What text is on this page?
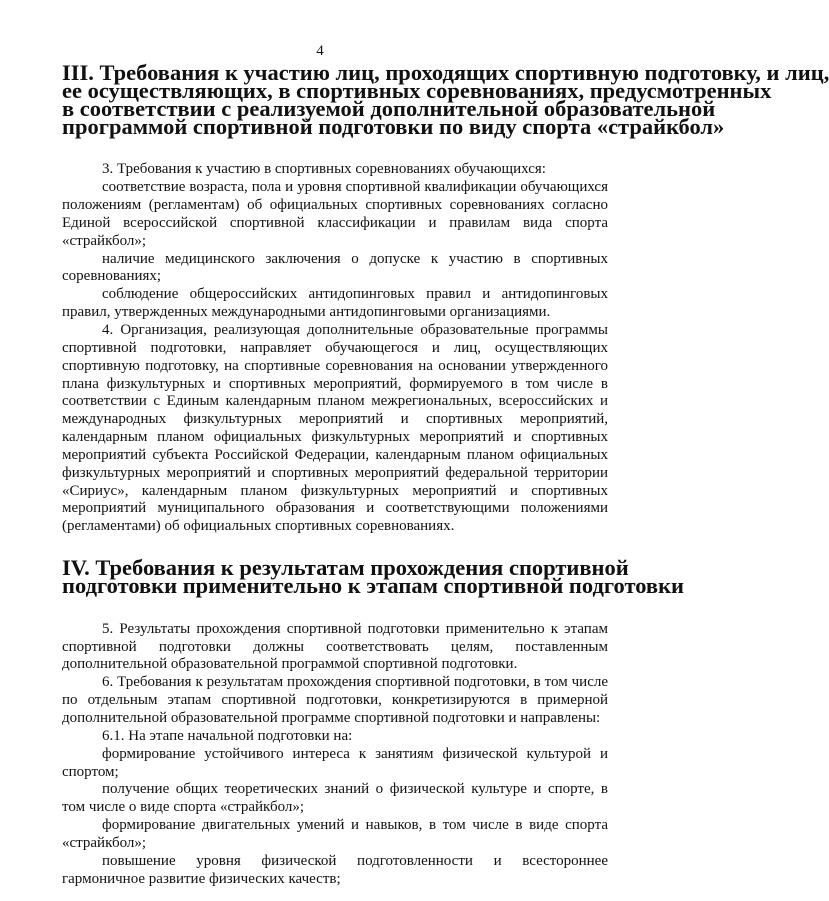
4
III. Требования к участию лиц, проходящих спортивную подготовку, и лиц,
ее осуществляющих, в спортивных соревнованиях, предусмотренных
в соответствии с реализуемой дополнительной образовательной
программой спортивной подготовки по виду спорта «страйкбол»

3. Требования к участию в спортивных соревнованиях обучающихся:

соответствие возраста, пола и уровня спортивной квалификации обучающихся положениям (регламентам) об официальных спортивных соревнованиях согласно Единой всероссийской спортивной классификации и правилам вида спорта «страйкбол»;

наличие медицинского заключения о допуске к участию в спортивных соревнованиях;

соблюдение общероссийских антидопинговых правил и антидопинговых правил, утвержденных международными антидопинговыми организациями.

4. Организация, реализующая дополнительные образовательные программы спортивной подготовки, направляет обучающегося и лиц, осуществляющих спортивную подготовку, на спортивные соревнования на основании утвержденного плана физкультурных и спортивных мероприятий, формируемого в том числе в соответствии с Единым календарным планом межрегиональных, всероссийских и международных физкультурных мероприятий и спортивных мероприятий, календарным планом официальных физкультурных мероприятий и спортивных мероприятий субъекта Российской Федерации, календарным планом официальных физкультурных мероприятий и спортивных мероприятий федеральной территории «Сириус», календарным планом физкультурных мероприятий и спортивных мероприятий муниципального образования и соответствующими положениями (регламентами) об официальных спортивных соревнованиях.

IV. Требования к результатам прохождения спортивной
подготовки применительно к этапам спортивной подготовки

5. Результаты прохождения спортивной подготовки применительно к этапам спортивной подготовки должны соответствовать целям, поставленным дополнительной образовательной программой спортивной подготовки.

6. Требования к результатам прохождения спортивной подготовки, в том числе по отдельным этапам спортивной подготовки, конкретизируются в примерной дополнительной образовательной программе спортивной подготовки и направлены:

6.1. На этапе начальной подготовки на:

формирование устойчивого интереса к занятиям физической культурой и спортом;

получение общих теоретических знаний о физической культуре и спорте, в том числе о виде спорта «страйкбол»;

формирование двигательных умений и навыков, в том числе в виде спорта «страйкбол»;

повышение уровня физической подготовленности и всестороннее гармоничное развитие физических качеств;
